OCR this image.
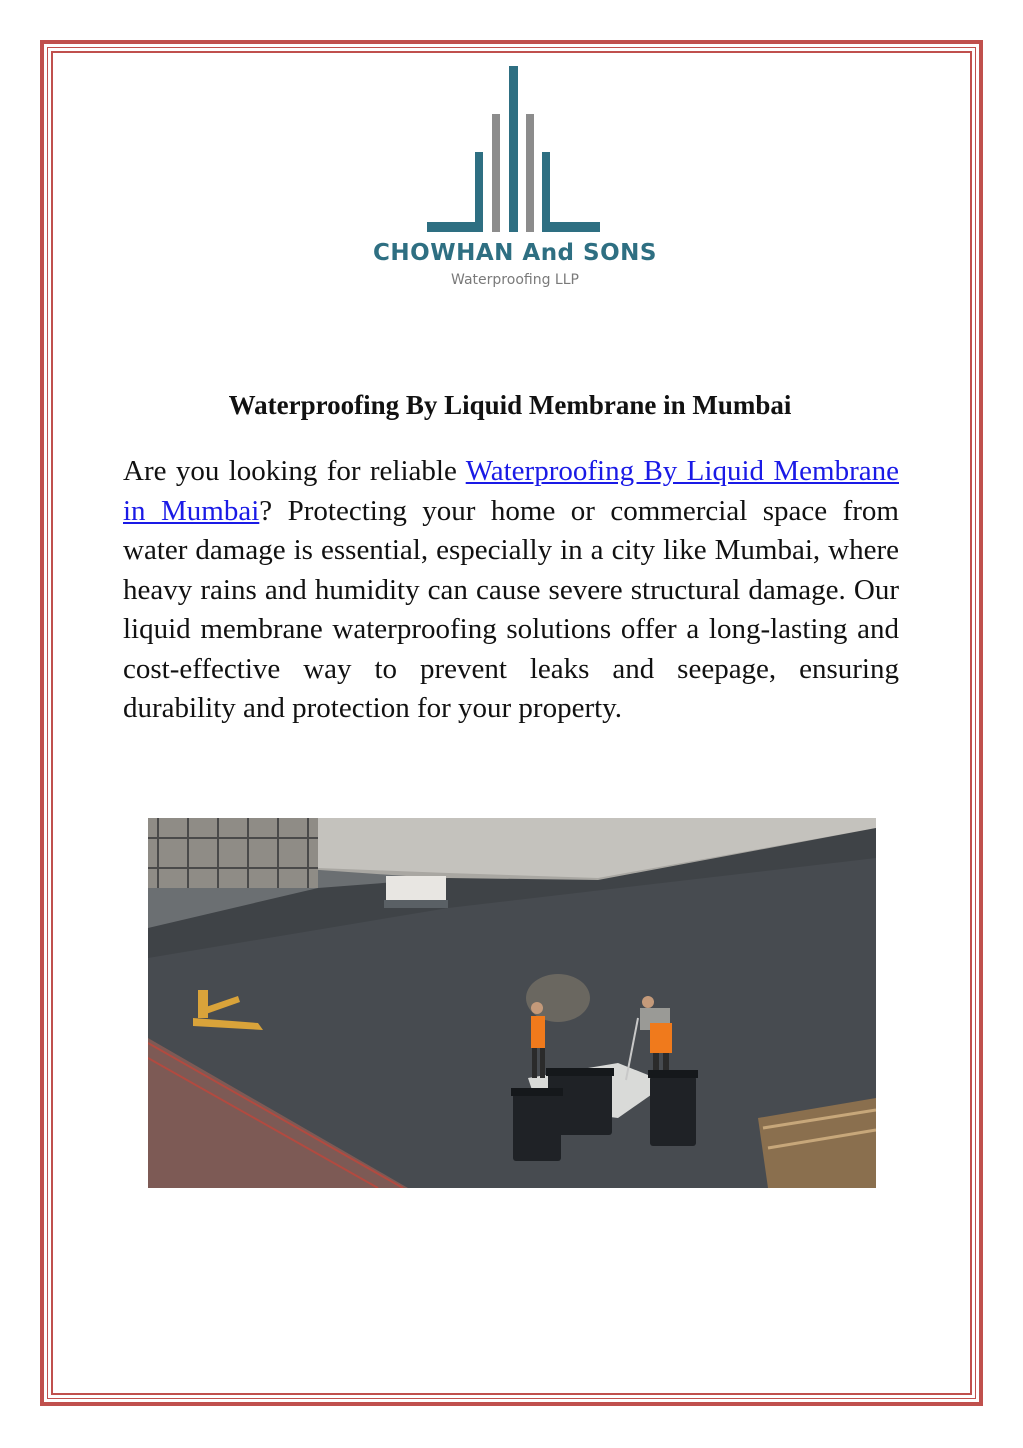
CHOWHAN And SONS
Waterproofing LLP
Waterproofing By Liquid Membrane in Mumbai
Are you looking for reliable Waterproofing By Liquid Membrane in Mumbai? Protecting your home or commercial space from water damage is essential, especially in a city like Mumbai, where heavy rains and humidity can cause severe structural damage. Our liquid membrane waterproofing solutions offer a long-lasting and cost-effective way to prevent leaks and seepage, ensuring durability and protection for your property.
